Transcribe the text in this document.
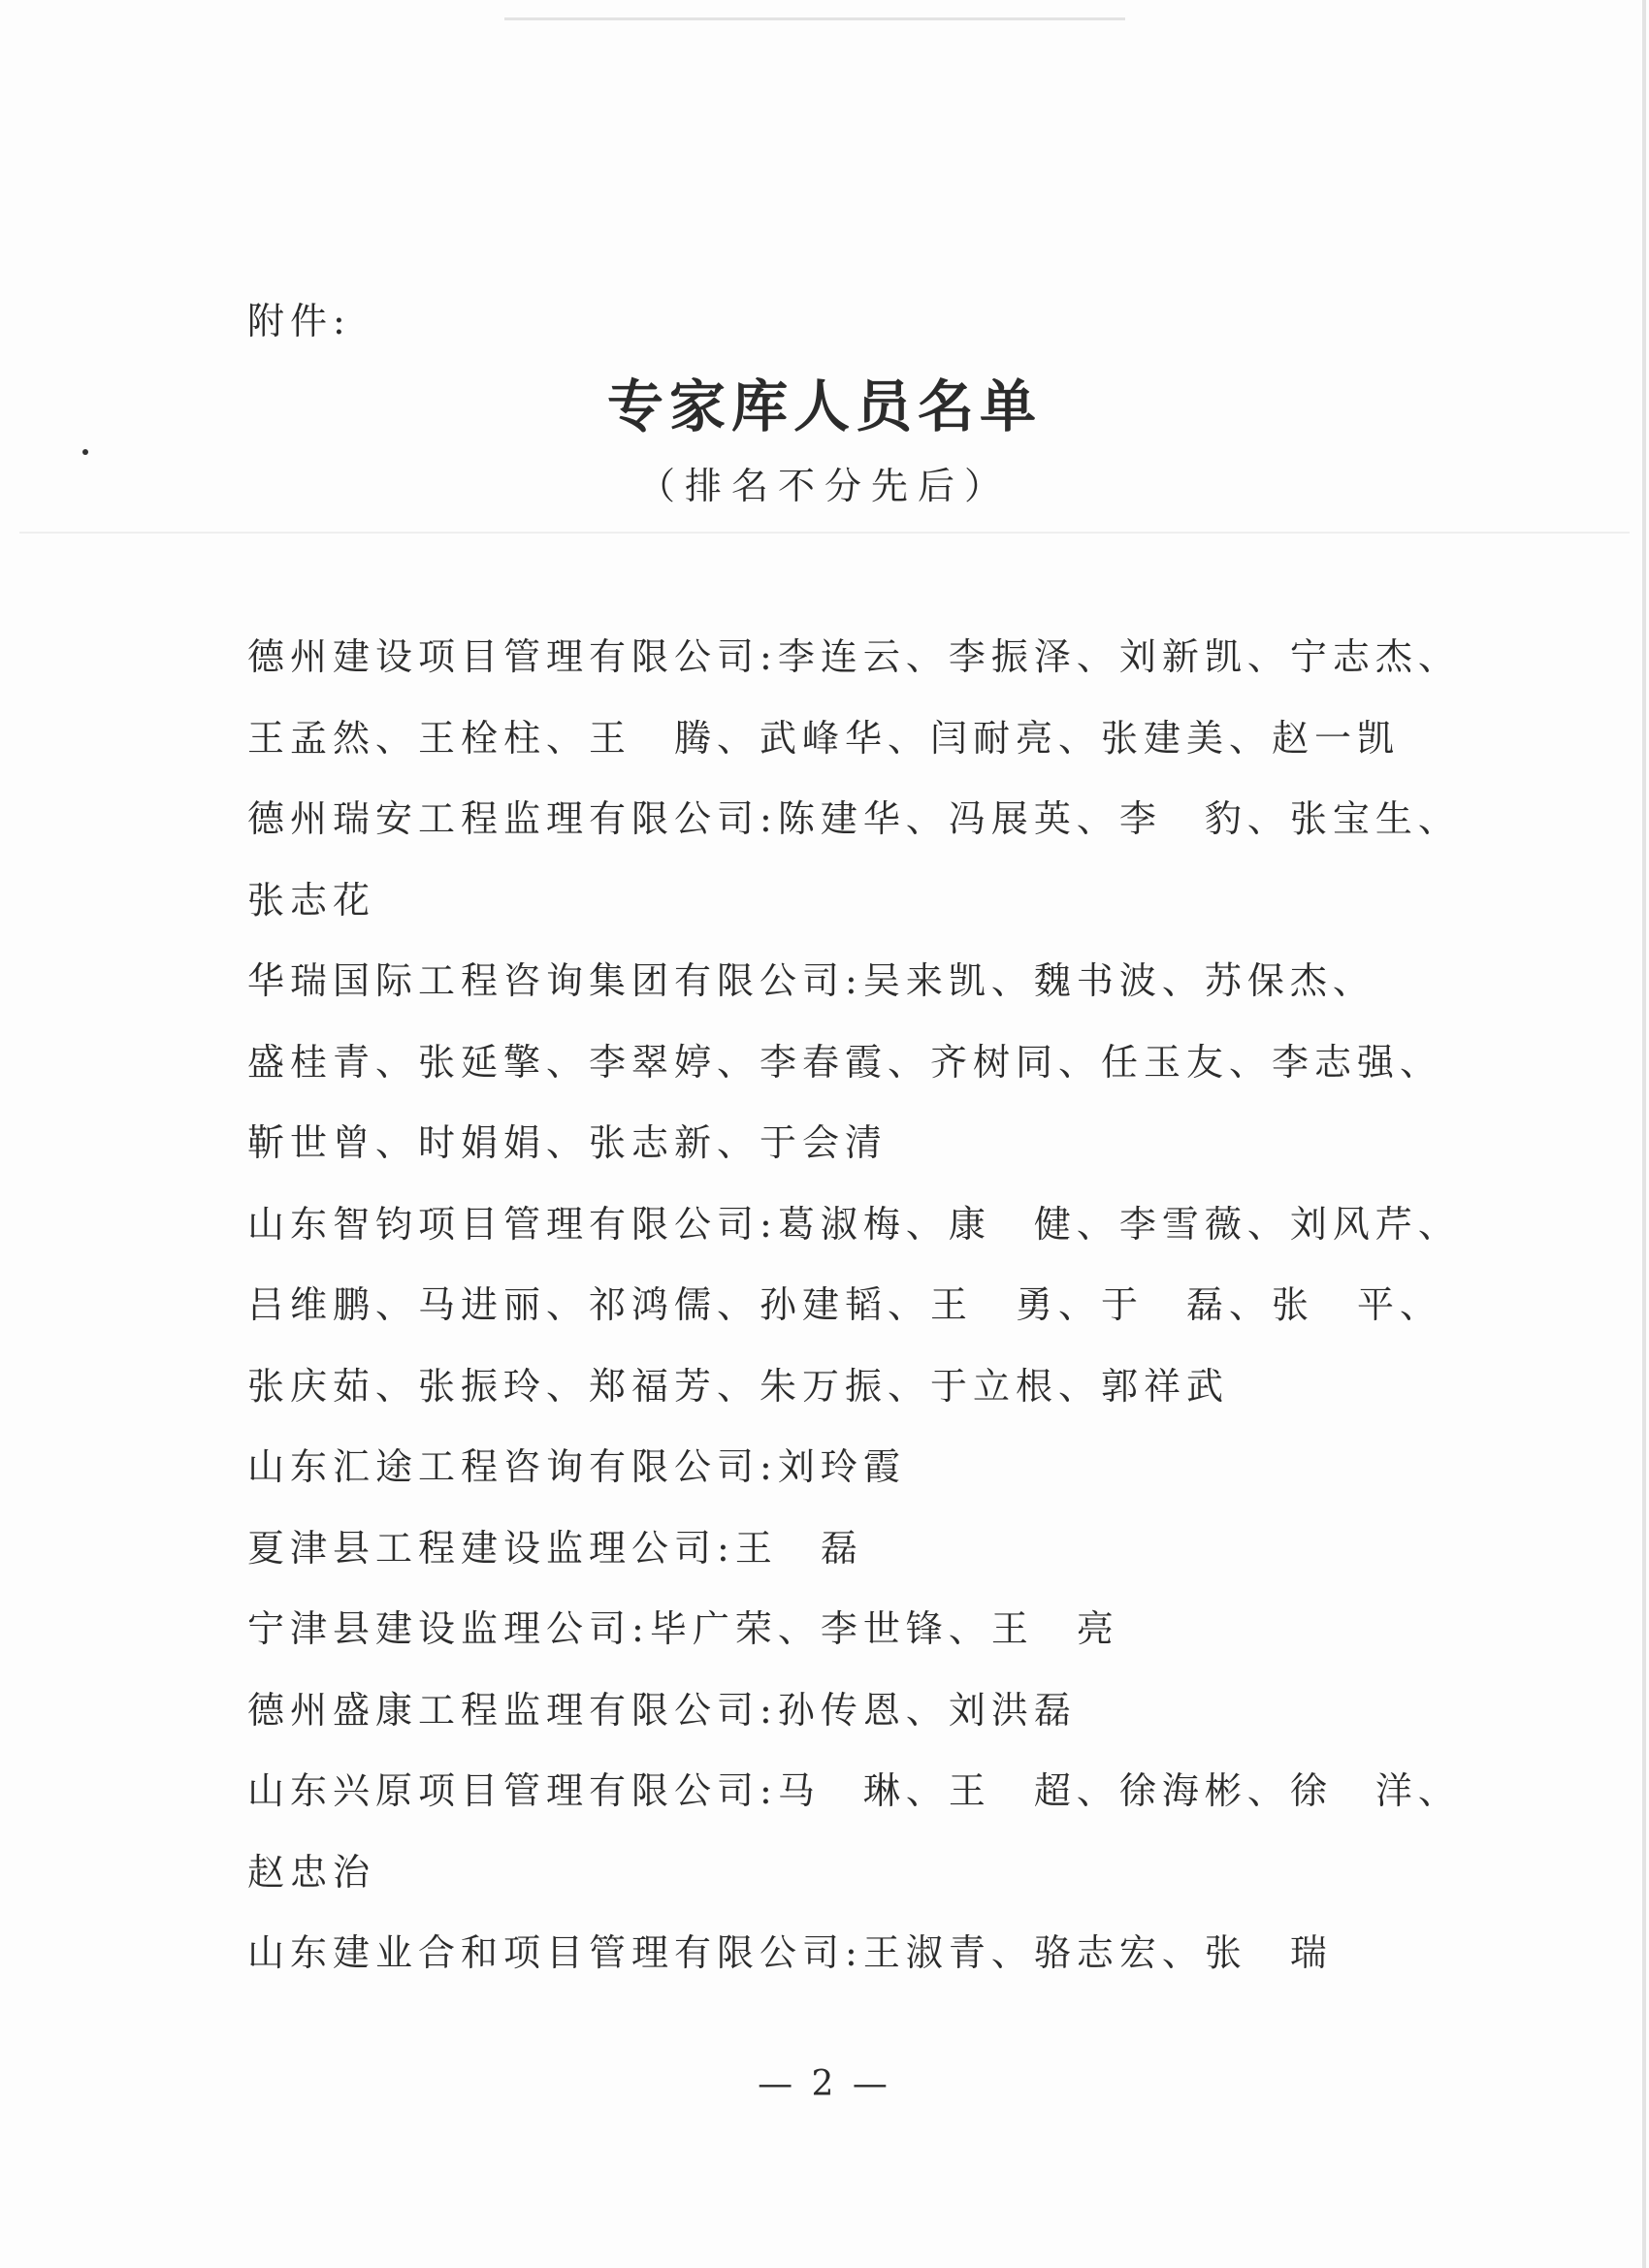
附件:
专家库人员名单
（排名不分先后）
德州建设项目管理有限公司:李连云、李振泽、刘新凯、宁志杰、
王孟然、王栓柱、王　腾、武峰华、闫耐亮、张建美、赵一凯
德州瑞安工程监理有限公司:陈建华、冯展英、李　豹、张宝生、
张志花
华瑞国际工程咨询集团有限公司:吴来凯、魏书波、苏保杰、
盛桂青、张延擎、李翠婷、李春霞、齐树同、任玉友、李志强、
靳世曾、时娟娟、张志新、于会清
山东智钧项目管理有限公司:葛淑梅、康　健、李雪薇、刘风芹、
吕维鹏、马进丽、祁鸿儒、孙建韬、王　勇、于　磊、张　平、
张庆茹、张振玲、郑福芳、朱万振、于立根、郭祥武
山东汇途工程咨询有限公司:刘玲霞
夏津县工程建设监理公司:王　磊
宁津县建设监理公司:毕广荣、李世锋、王　亮
德州盛康工程监理有限公司:孙传恩、刘洪磊
山东兴原项目管理有限公司:马　琳、王　超、徐海彬、徐　洋、
赵忠治
山东建业合和项目管理有限公司:王淑青、骆志宏、张　瑞
— 2 —
